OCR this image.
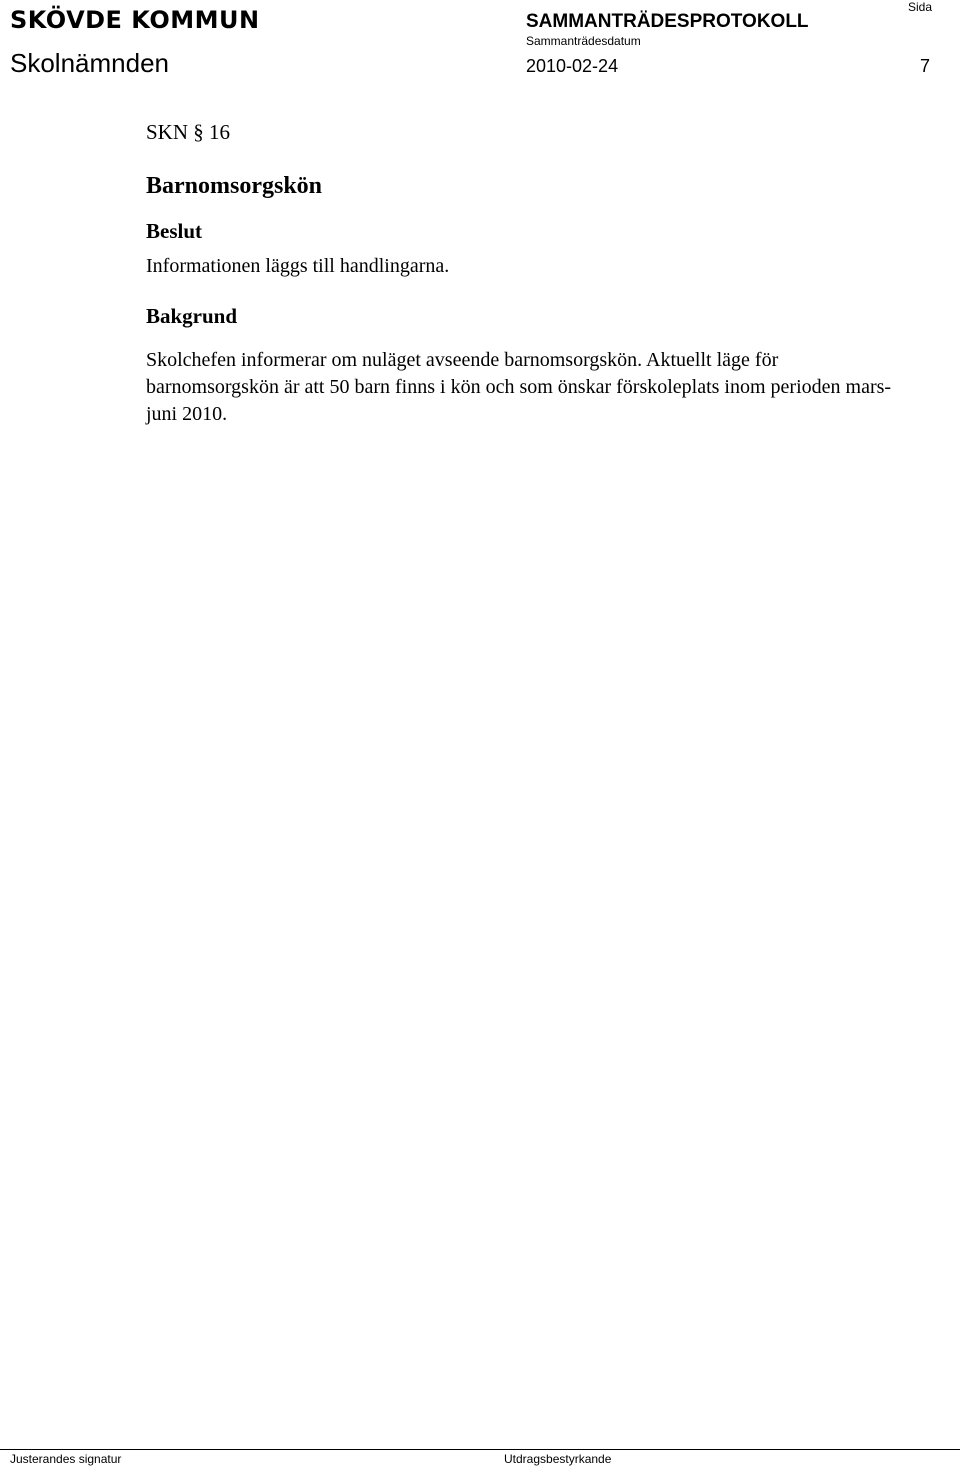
SKÖVDE KOMMUN
Skolnämnden
SAMMANTRÄDESPROTOKOLL
Sammanträdesdatum
2010-02-24
Sida
7
SKN § 16
Barnomsorgskön
Beslut

Informationen läggs till handlingarna.

Bakgrund

Skolchefen informerar om nuläget avseende barnomsorgskön. Aktuellt läge för barnomsorgskön är att 50 barn finns i kön och som önskar förskoleplats inom perioden mars-juni 2010.

Justerandes signatur	Utdragsbestyrkande
